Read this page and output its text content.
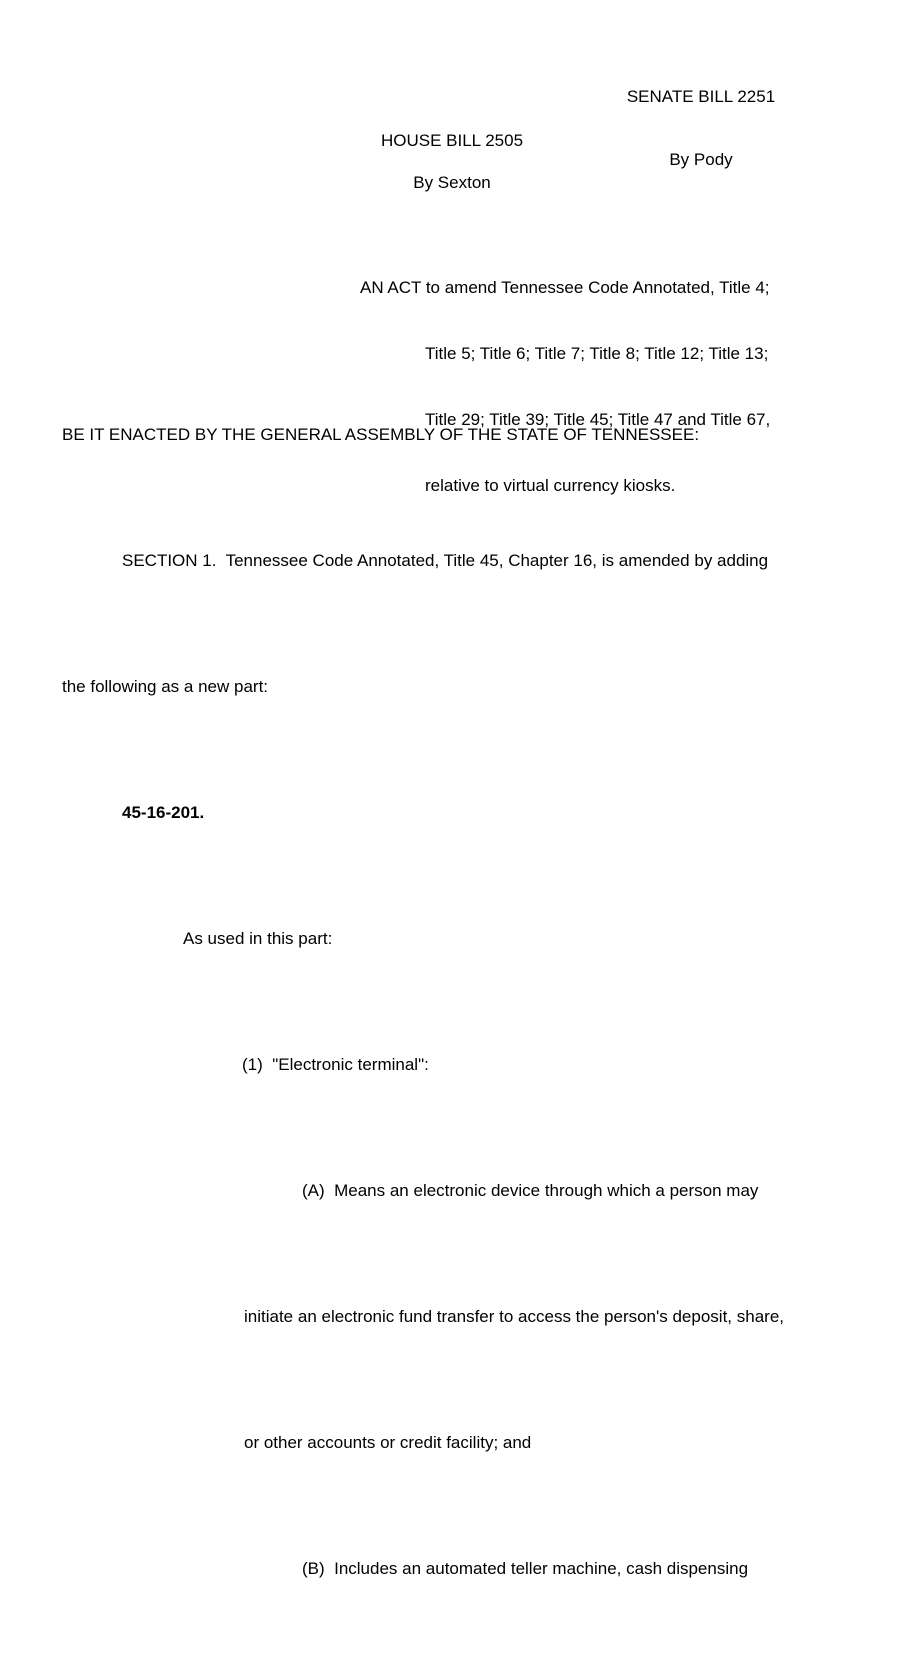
SENATE BILL 2251

By Pody

HOUSE BILL 2505
By Sexton

AN ACT to amend Tennessee Code Annotated, Title 4;

Title 5; Title 6; Title 7; Title 8; Title 12; Title 13;

Title 29; Title 39; Title 45; Title 47 and Title 67,

relative to virtual currency kiosks.

BE IT ENACTED BY THE GENERAL ASSEMBLY OF THE STATE OF TENNESSEE:

SECTION 1.  Tennessee Code Annotated, Title 45, Chapter 16, is amended by adding

the following as a new part:

45-16-201.

As used in this part:

(1)  "Electronic terminal":

(A)  Means an electronic device through which a person may

initiate an electronic fund transfer to access the person's deposit, share,

or other accounts or credit facility; and

(B)  Includes an automated teller machine, cash dispensing
